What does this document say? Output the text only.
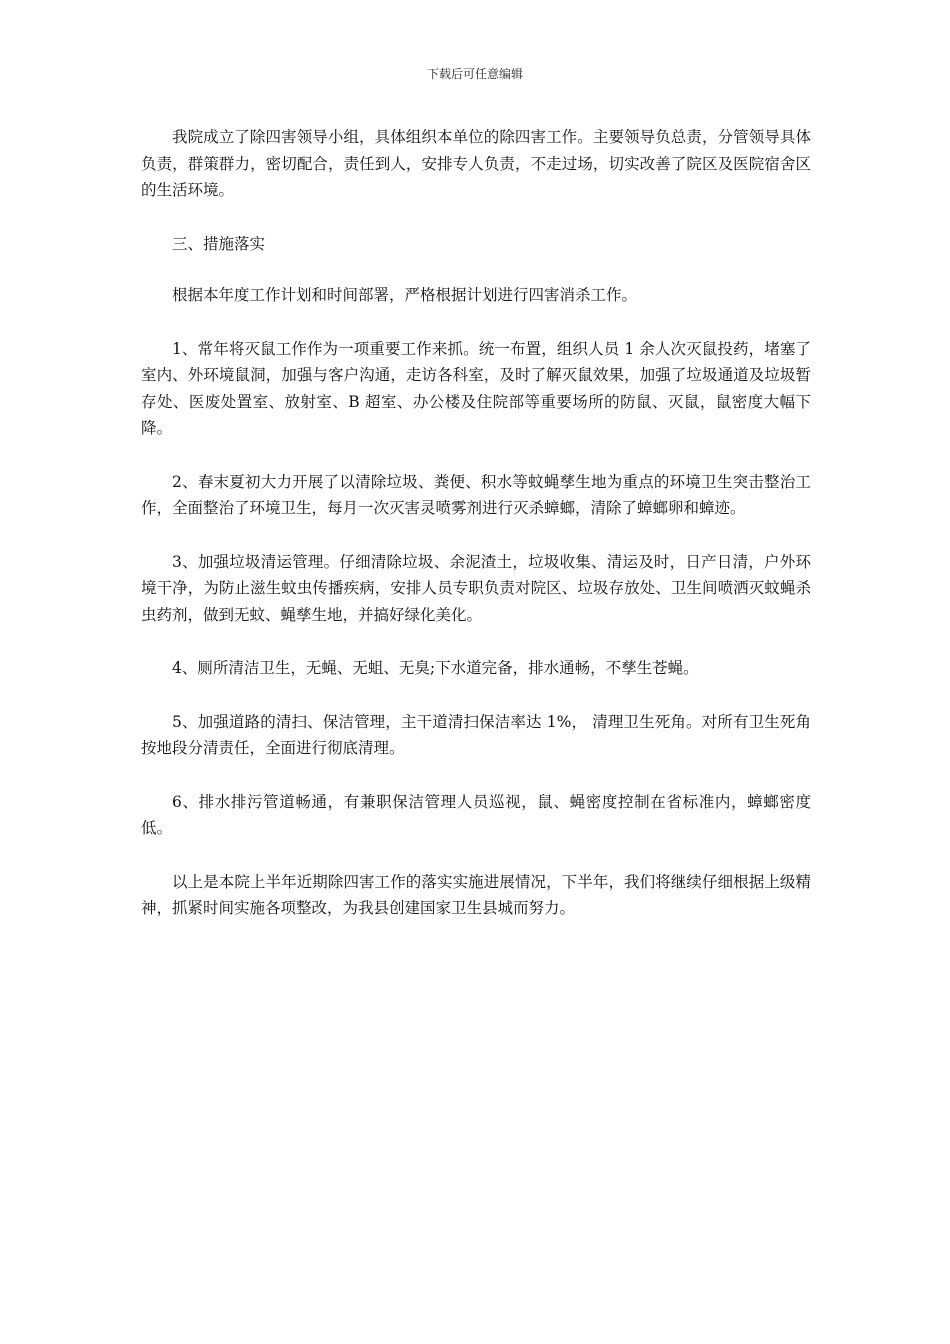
下载后可任意编辑

我院成立了除四害领导小组，具体组织本单位的除四害工作。主要领导负总责，分管领导具体负责，群策群力，密切配合，责任到人，安排专人负责，不走过场，切实改善了院区及医院宿舍区的生活环境。

三、措施落实

根据本年度工作计划和时间部署，严格根据计划进行四害消杀工作。

1、常年将灭鼠工作作为一项重要工作来抓。统一布置，组织人员 1 余人次灭鼠投药，堵塞了室内、外环境鼠洞，加强与客户沟通，走访各科室，及时了解灭鼠效果，加强了垃圾通道及垃圾暂存处、医废处置室、放射室、B 超室、办公楼及住院部等重要场所的防鼠、灭鼠，鼠密度大幅下降。

2、春末夏初大力开展了以清除垃圾、粪便、积水等蚊蝇孳生地为重点的环境卫生突击整治工作，全面整治了环境卫生，每月一次灭害灵喷雾剂进行灭杀蟑螂，清除了蟑螂卵和蟑迹。

3、加强垃圾清运管理。仔细清除垃圾、余泥渣土，垃圾收集、清运及时，日产日清，户外环境干净，为防止滋生蚊虫传播疾病，安排人员专职负责对院区、垃圾存放处、卫生间喷洒灭蚊蝇杀虫药剂，做到无蚊、蝇孳生地，并搞好绿化美化。

4、厕所清洁卫生，无蝇、无蛆、无臭;下水道完备，排水通畅，不孳生苍蝇。

5、加强道路的清扫、保洁管理，主干道清扫保洁率达 1%， 清理卫生死角。对所有卫生死角按地段分清责任，全面进行彻底清理。

6、排水排污管道畅通，有兼职保洁管理人员巡视，鼠、蝇密度控制在省标准内，蟑螂密度低。

以上是本院上半年近期除四害工作的落实实施进展情况，下半年，我们将继续仔细根据上级精神，抓紧时间实施各项整改，为我县创建国家卫生县城而努力。
